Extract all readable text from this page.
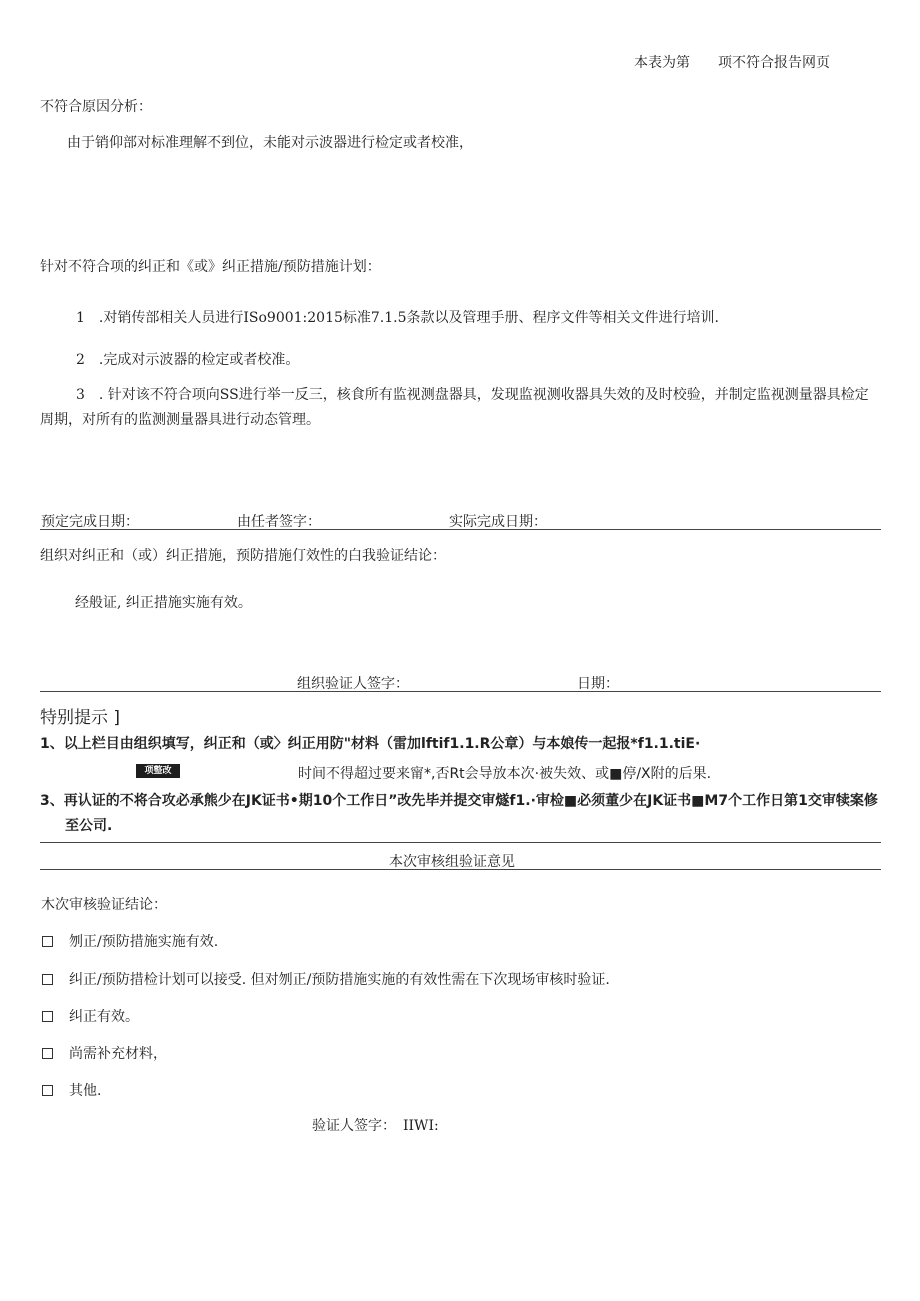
本表为第　　项不符合报告网页
不符合原因分析：
由于销仰部对标准理解不到位，未能对示波器进行检定或者校准，
针对不符合项的纠正和《或》纠正措施/预防措施计划：
1　.对销传部相关人员进行ISo9001:2015标准7.1.5条款以及管理手册、程序文件等相关文件进行培训.
2　.完成对示波器的检定或者校准。
3　. 针对该不符合项向SS进行举一反三，核食所有监视测盘器具，发现监视测收器具失效的及时校验，并制定监视测量器具检定周期，对所有的监测测量器具进行动态管理。
预定完成日期：	由任者签字：	实际完成日期：
组织对纠正和（或）纠正措施，预防措施仃效性的白我验证结论：
经般证, 纠正措施实施有效。
组织验证人签字：	日期：
特别提示 ]
1、以上栏目由组织填写，纠正和（或〉纠正用防"材料（雷加lftif1.1.R公章）与本娘传一起报*f1.1.tiE·
项整改	时间不得超过要来甯*,否Rt会导放本次·被失效、或■停/X附的后果.
3、再认证的不将合攻必承熊少在JK证书•期10个工作日”改先毕并提交审燧f1.·审检■必须董少在JK证书■M7个工作日第1交审犊案修至公司.
本次审核组验证意见
木次审核验证结论：
刎正/预防措施实施有效.
纠正/预防措检计划可以接受. 但对刎正/预防措施实施的有效性需在下次现场审核时验证.
纠正有效。
尚需补充材料，
其他.
验证人签字：　IIWI:
